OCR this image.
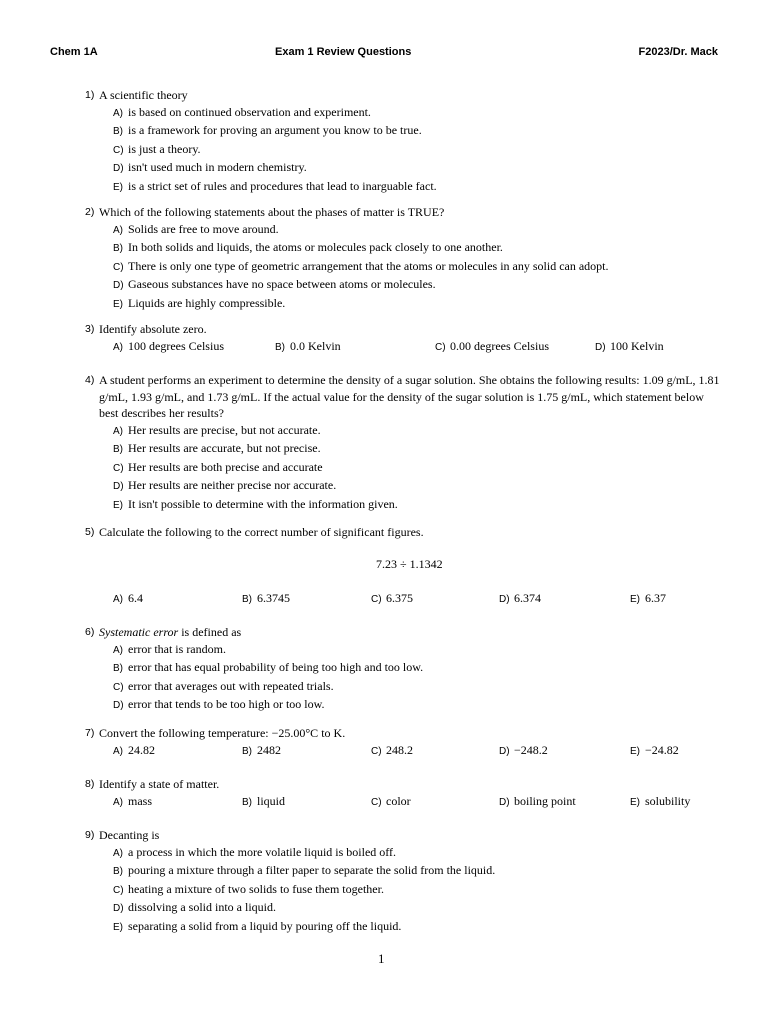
Chem 1A	Exam 1 Review Questions	F2023/Dr. Mack
1) A scientific theory
A) is based on continued observation and experiment.
B) is a framework for proving an argument you know to be true.
C) is just a theory.
D) isn't used much in modern chemistry.
E) is a strict set of rules and procedures that lead to inarguable fact.
2) Which of the following statements about the phases of matter is TRUE?
A) Solids are free to move around.
B) In both solids and liquids, the atoms or molecules pack closely to one another.
C) There is only one type of geometric arrangement that the atoms or molecules in any solid can adopt.
D) Gaseous substances have no space between atoms or molecules.
E) Liquids are highly compressible.
3) Identify absolute zero.
A) 100 degrees Celsius	B) 0.0 Kelvin	C) 0.00 degrees Celsius	D) 100 Kelvin
4) A student performs an experiment to determine the density of a sugar solution. She obtains the following results: 1.09 g/mL, 1.81 g/mL, 1.93 g/mL, and 1.73 g/mL. If the actual value for the density of the sugar solution is 1.75 g/mL, which statement below best describes her results?
A) Her results are precise, but not accurate.
B) Her results are accurate, but not precise.
C) Her results are both precise and accurate
D) Her results are neither precise nor accurate.
E) It isn't possible to determine with the information given.
5) Calculate the following to the correct number of significant figures.
7.23 ÷ 1.1342
A) 6.4	B) 6.3745	C) 6.375	D) 6.374	E) 6.37
6) Systematic error is defined as
A) error that is random.
B) error that has equal probability of being too high and too low.
C) error that averages out with repeated trials.
D) error that tends to be too high or too low.
7) Convert the following temperature: −25.00°C to K.
A) 24.82	B) 2482	C) 248.2	D) −248.2	E) −24.82
8) Identify a state of matter.
A) mass	B) liquid	C) color	D) boiling point	E) solubility
9) Decanting is
A) a process in which the more volatile liquid is boiled off.
B) pouring a mixture through a filter paper to separate the solid from the liquid.
C) heating a mixture of two solids to fuse them together.
D) dissolving a solid into a liquid.
E) separating a solid from a liquid by pouring off the liquid.
1
